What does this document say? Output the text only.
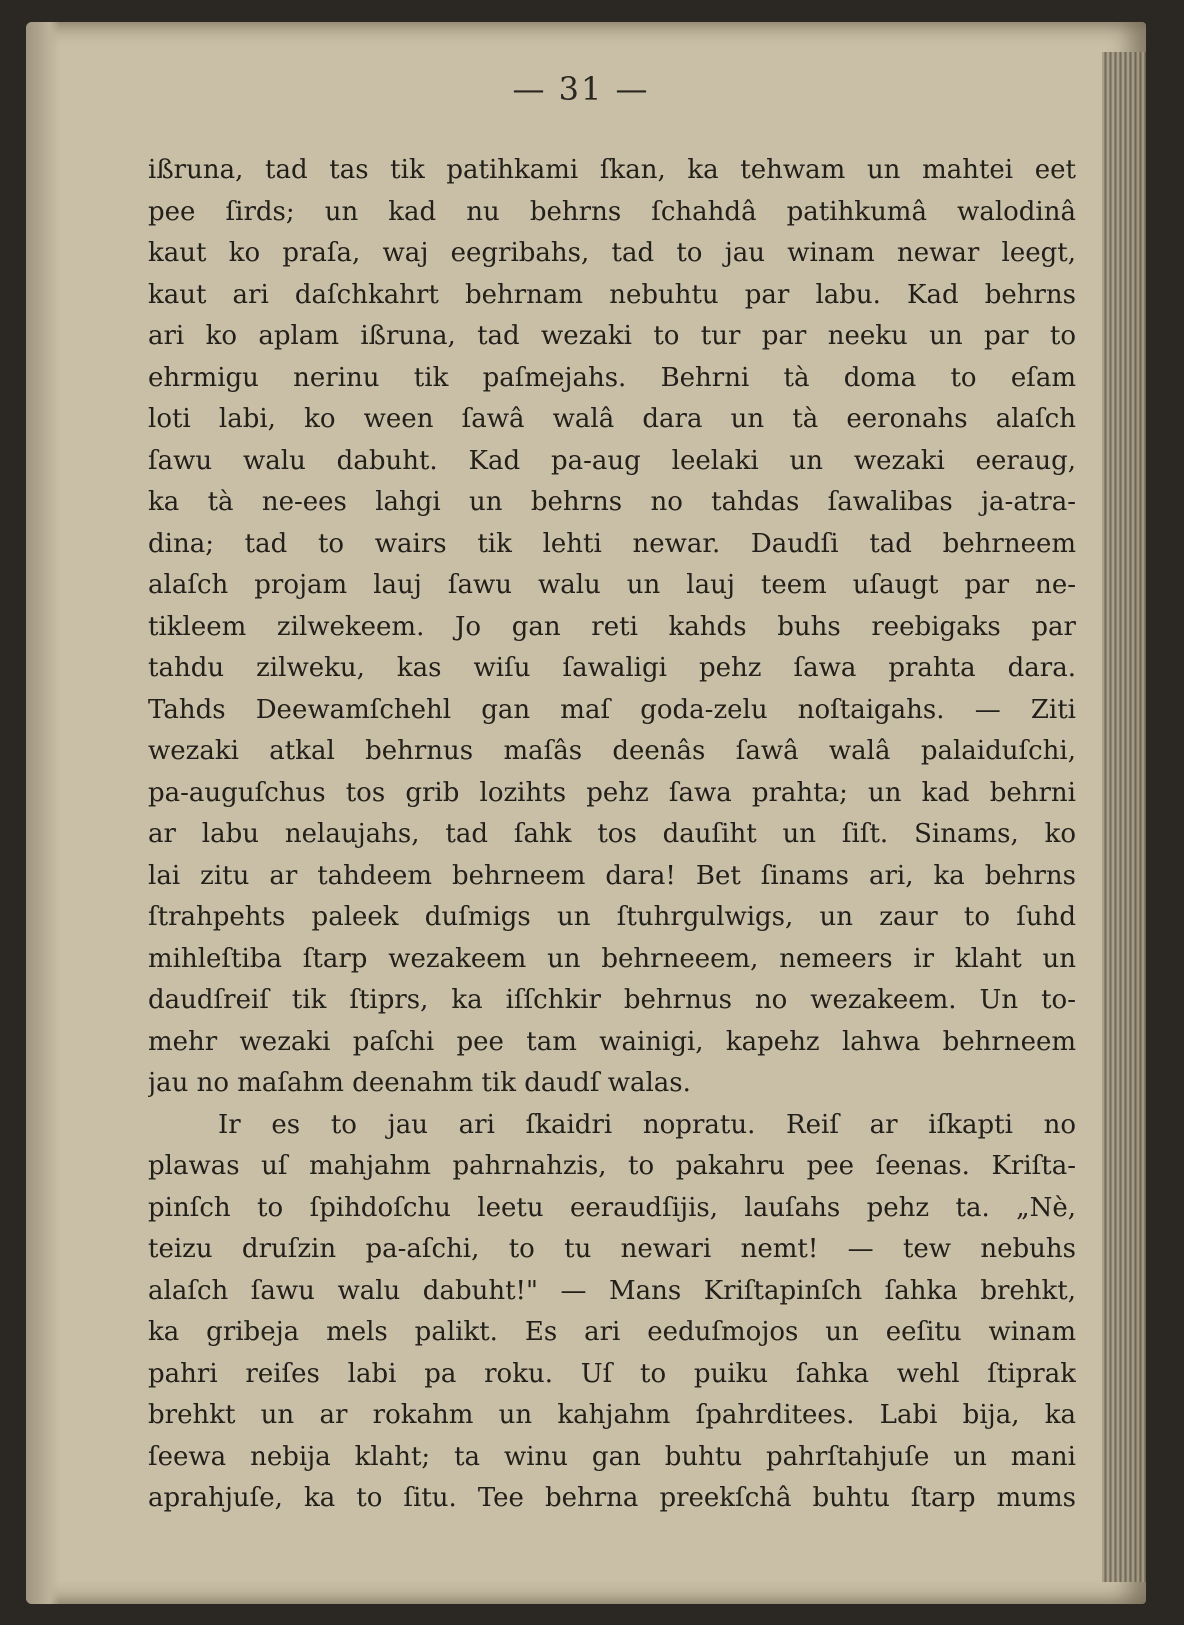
— 31 —
ißruna, tad tas tik patihkami ſkan, ka tehwam un mahtei eet
pee ſirds; un kad nu behrns ſchahdâ patihkumâ walodinâ
kaut ko praſa, waj eegribahs, tad to jau winam newar leegt,
kaut ari daſchkahrt behrnam nebuhtu par labu. Kad behrns
ari ko aplam ißruna, tad wezaki to tur par neeku un par to
ehrmigu nerinu tik paſmejahs. Behrni tà doma to eſam
loti labi, ko ween ſawâ walâ dara un tà eeronahs alaſch
ſawu walu dabuht. Kad pa-aug leelaki un wezaki eeraug,
ka tà ne-ees lahgi un behrns no tahdas ſawalibas ja-atra-
dina; tad to wairs tik lehti newar. Daudſi tad behrneem
alaſch projam lauj ſawu walu un lauj teem uſaugt par ne-
tikleem zilwekeem. Jo gan reti kahds buhs reebigaks par
tahdu zilweku, kas wiſu ſawaligi pehz ſawa prahta dara.
Tahds Deewamſchehl gan maſ goda-zelu noſtaigahs. — Ziti
wezaki atkal behrnus maſâs deenâs ſawâ walâ palaiduſchi,
pa-auguſchus tos grib lozihts pehz ſawa prahta; un kad behrni
ar labu nelaujahs, tad ſahk tos dauſiht un ſiſt. Sinams, ko
lai zitu ar tahdeem behrneem dara! Bet ſinams ari, ka behrns
ſtrahpehts paleek duſmigs un ſtuhrgulwigs, un zaur to ſuhd
mihleſtiba ſtarp wezakeem un behrneeem, nemeers ir klaht un
daudſreiſ tik ſtiprs, ka iſſchkir behrnus no wezakeem. Un to-
mehr wezaki paſchi pee tam wainigi, kapehz lahwa behrneem
jau no maſahm deenahm tik daudſ walas.
Ir es to jau ari ſkaidri nopratu. Reiſ ar iſkapti no
plawas uſ mahjahm pahrnahzis, to pakahru pee ſeenas. Kriſta-
pinſch to ſpihdoſchu leetu eeraudſijis, lauſahs pehz ta. „Nè,
teizu druſzin pa-aſchi, to tu newari nemt! — tew nebuhs
alaſch ſawu walu dabuht!" — Mans Kriſtapinſch ſahka brehkt,
ka gribeja mels palikt. Es ari eeduſmojos un eeſitu winam
pahri reiſes labi pa roku. Uſ to puiku ſahka wehl ſtiprak
brehkt un ar rokahm un kahjahm ſpahrditees. Labi bija, ka
ſeewa nebija klaht; ta winu gan buhtu pahrſtahjuſe un mani
aprahjuſe, ka to ſitu. Tee behrna preekſchâ buhtu ſtarp mums
